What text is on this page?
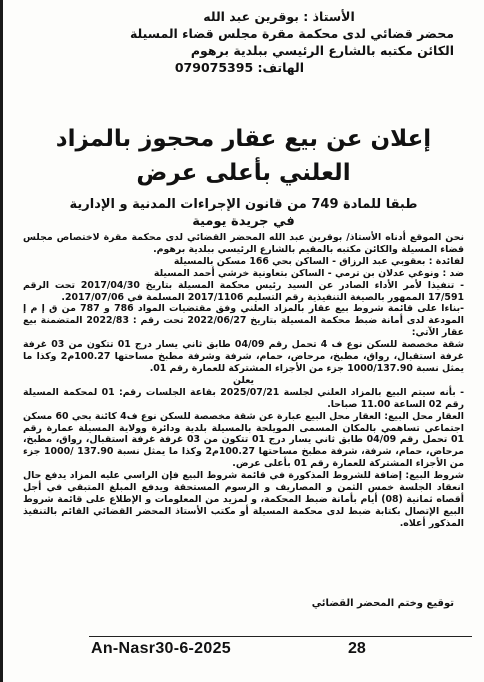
الأستاذ : بوقرين عبد الله
محضر قضائي لدى محكمة مقرة مجلس قضاء المسيلة
الكائن مكتبه بالشارع الرئيسي ببلدية برهوم
الهاتف: 079075395
إعلان عن بيع عقار محجوز بالمزاد العلني بأعلى عرض
طبقا للمادة 749 من قانون الإجراءات المدنية و الإدارية
في جريدة يومية

نحن الموقع أدناه الأستاذ/ بوقرين عبد الله المحضر القضائي لدى محكمة مقرة لاختصاص مجلس قضاء المسيلة والكائن مكتبه بالمقيم بالشارع الرئيسي ببلدية برهوم.

لفائدة : بعقوبي عبد الرزاق - الساكن بحي 166 مسكن بالمسيلة

ضد : ونوغي عدلان بن ترمي - الساكن بتعاونية خرشي أحمد المسيلة

- تنفيذا لأمر الأداء الصادر عن السيد رئيس محكمة المسيلة بتاريخ 2017/04/30 تحت الرقم 17/591 الممهور بالصيغة التنفيذية رقم التسليم 2017/1106 المسلمة في 2017/07/06.

-بناءا على قائمة شروط بيع عقار بالمزاد العلني وفق مقتضيات المواد 786 و 787 من ق إ م إ المودعة لدى أمانة ضبط محكمة المسيلة بتاريخ 2022/06/27 تحت رقم : 2022/83 المتضمنة بيع عقار الآتي:

شقة مخصصة للسكن نوع ف 4 تحمل رقم 04/09 طابق ثاني يسار درج 01 تتكون من 03 غرفة غرفة استقبال، رواق، مطبخ، مرحاض، حمام، شرفة وشرفة مطبخ مساحتها 100.27م2 وكذا ما يمثل نسبة 1000/137.90 جزء من الأجزاء المشتركة للعمارة رقم 01.

يعلن

- بأنه سيتم البيع بالمزاد العلني لجلسة 2025/07/21 بقاعة الجلسات رقم: 01 لمحكمة المسيلة رقم 02 الساعة 11.00 صباحا.

العقار محل البيع: العقار محل البيع عبارة عن شقة مخصصة للسكن نوع ف4 كائنة بحي 60 مسكن اجتماعي تساهمي بالمكان المسمى المويلحة بالمسيلة بلدية ودائرة وولاية المسيلة عمارة رقم 01 تحمل رقم 04/09 طابق ثاني يسار درج 01 تتكون من 03 غرفة غرفة استقبال، رواق، مطبخ، مرحاض، حمام، شرفة، شرفة مطبخ مساحتها 100.27م2 وكذا ما يمثل نسبة 137.90 /1000 جزء من الأجزاء المشتركة للعمارة رقم 01 بأعلى عرض.

شروط البيع: إضافة للشروط المذكورة في قائمة شروط البيع فإن الراسي عليه المزاد يدفع حال انعقاد الجلسة خمس الثمن و المصاريف و الرسوم المستحقة ويدفع المبلغ المتبقي في أجل أقصاه ثمانية (08) أيام بأمانة ضبط المحكمة، و لمزيد من المعلومات و الإطلاع على قائمة شروط البيع الإتصال بكتابة ضبط لدى محكمة المسيلة أو مكتب الأستاذ المحضر القضائي القائم بالتنفيذ المذكور أعلاه.

توقيع وختم المحضر القضائي
An-Nasr30-6-2025	28
